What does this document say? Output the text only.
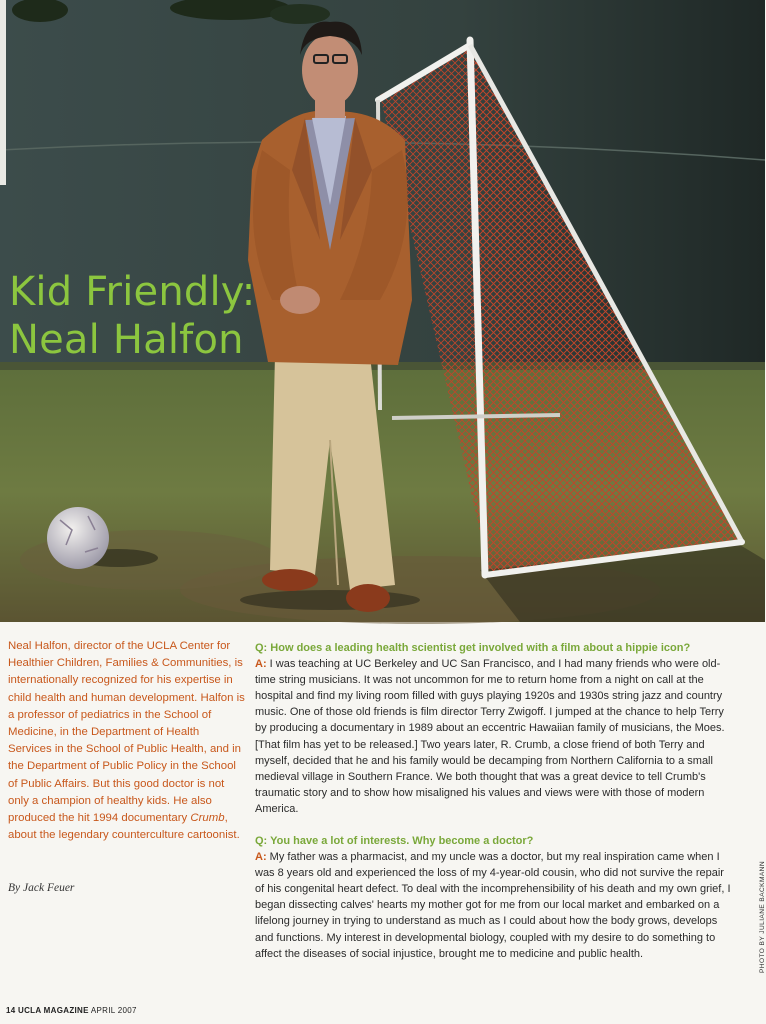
Kid Friendly:
Neal Halfon

Neal Halfon, director of the UCLA Center for Healthier Children, Families & Communities, is internationally recognized for his expertise in child health and human development. Halfon is a professor of pediatrics in the School of Medicine, in the Department of Health Services in the School of Public Health, and in the Department of Public Policy in the School of Public Affairs. But this good doctor is not only a champion of healthy kids. He also produced the hit 1994 documentary Crumb, about the legendary counterculture cartoonist.

By Jack Feuer

Q: How does a leading health scientist get involved with a film about a hippie icon?

A: I was teaching at UC Berkeley and UC San Francisco, and I had many friends who were old-time string musicians. It was not uncommon for me to return home from a night on call at the hospital and find my living room filled with guys playing 1920s and 1930s string jazz and country music. One of those old friends is film director Terry Zwigoff. I jumped at the chance to help Terry by producing a documentary in 1989 about an eccentric Hawaiian family of musicians, the Moes. [That film has yet to be released.] Two years later, R. Crumb, a close friend of both Terry and myself, decided that he and his family would be decamping from Northern California to a small medieval village in Southern France. We both thought that was a great device to tell Crumb's traumatic story and to show how misaligned his values and views were with those of modern America.

Q: You have a lot of interests. Why become a doctor?

A: My father was a pharmacist, and my uncle was a doctor, but my real inspiration came when I was 8 years old and experienced the loss of my 4-year-old cousin, who did not survive the repair of his congenital heart defect. To deal with the incomprehensibility of his death and my own grief, I began dissecting calves' hearts my mother got for me from our local market and embarked on a lifelong journey in trying to understand as much as I could about how the body grows, develops and functions. My interest in developmental biology, coupled with my desire to do something to affect the diseases of social injustice, brought me to medicine and public health.	PHOTO BY JULIANE BACKMANN
14 UCLA MAGAZINE APRIL 2007
